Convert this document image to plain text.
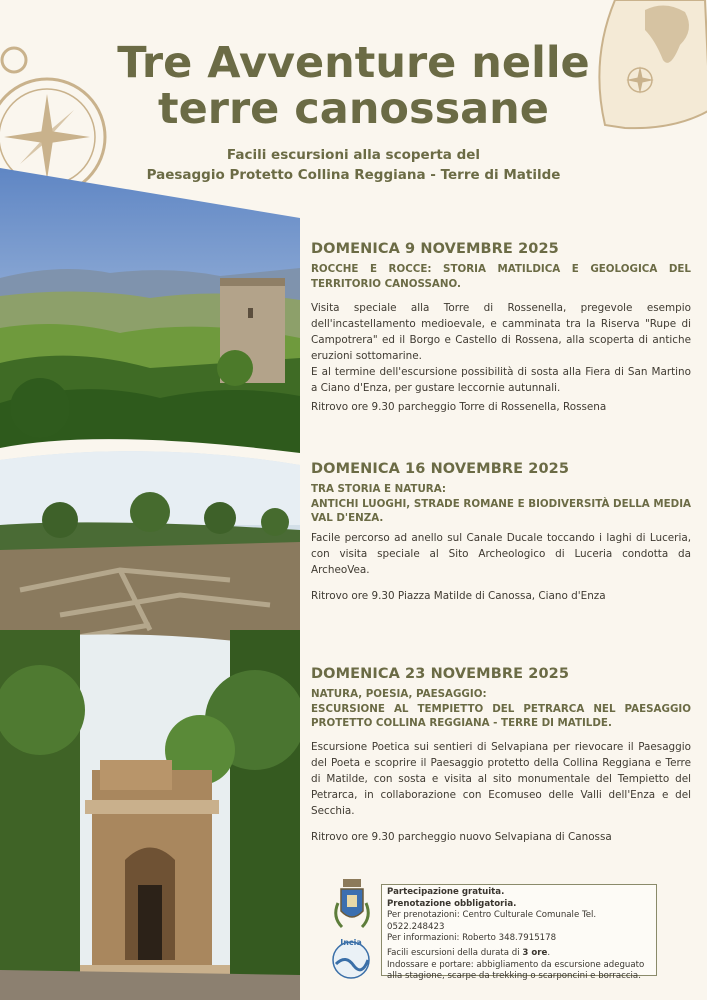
Tre Avventure nelle
terre canossane
Facili escursioni alla scoperta del
Paesaggio Protetto Collina Reggiana - Terre di Matilde
DOMENICA 9 NOVEMBRE 2025
ROCCHE E ROCCE: STORIA MATILDICA E GEOLOGICA DEL TERRITORIO CANOSSANO.
Visita speciale alla Torre di Rossenella, pregevole esempio dell'incastellamento medioevale, e camminata tra la Riserva "Rupe di Campotrera" ed il Borgo e Castello di Rossena, alla scoperta di antiche eruzioni sottomarine.
E al termine dell'escursione possibilità di sosta alla Fiera di San Martino a Ciano d'Enza, per gustare leccornie autunnali.
Ritrovo ore 9.30 parcheggio Torre di Rossenella, Rossena
DOMENICA 16 NOVEMBRE 2025
TRA STORIA E NATURA:
ANTICHI LUOGHI, STRADE ROMANE E BIODIVERSITÀ DELLA MEDIA VAL D'ENZA.
Facile percorso ad anello sul Canale Ducale toccando i laghi di Luceria, con visita speciale al Sito Archeologico di Luceria condotta da ArcheoVea.
Ritrovo ore 9.30 Piazza Matilde di Canossa, Ciano d'Enza
DOMENICA 23 NOVEMBRE 2025
NATURA, POESIA, PAESAGGIO:
ESCURSIONE AL TEMPIETTO DEL PETRARCA NEL PAESAGGIO PROTETTO COLLINA REGGIANA - TERRE DI MATILDE.
Escursione Poetica sui sentieri di Selvapiana per rievocare il Paesaggio del Poeta e scoprire il Paesaggio protetto della Collina Reggiana e Terre di Matilde, con sosta e visita al sito monumentale del Tempietto del Petrarca, in collaborazione con Ecomuseo delle Valli dell'Enza e del Secchia.
Ritrovo ore 9.30 parcheggio nuovo Selvapiana di Canossa
Incia
Partecipazione gratuita.
Prenotazione obbligatoria.
Per prenotazioni: Centro Culturale Comunale Tel. 0522.248423
Per informazioni: Roberto 348.7915178
Facili escursioni della durata di 3 ore.
Indossare e portare: abbigliamento da escursione adeguato alla stagione, scarpe da trekking o scarponcini e borraccia.
